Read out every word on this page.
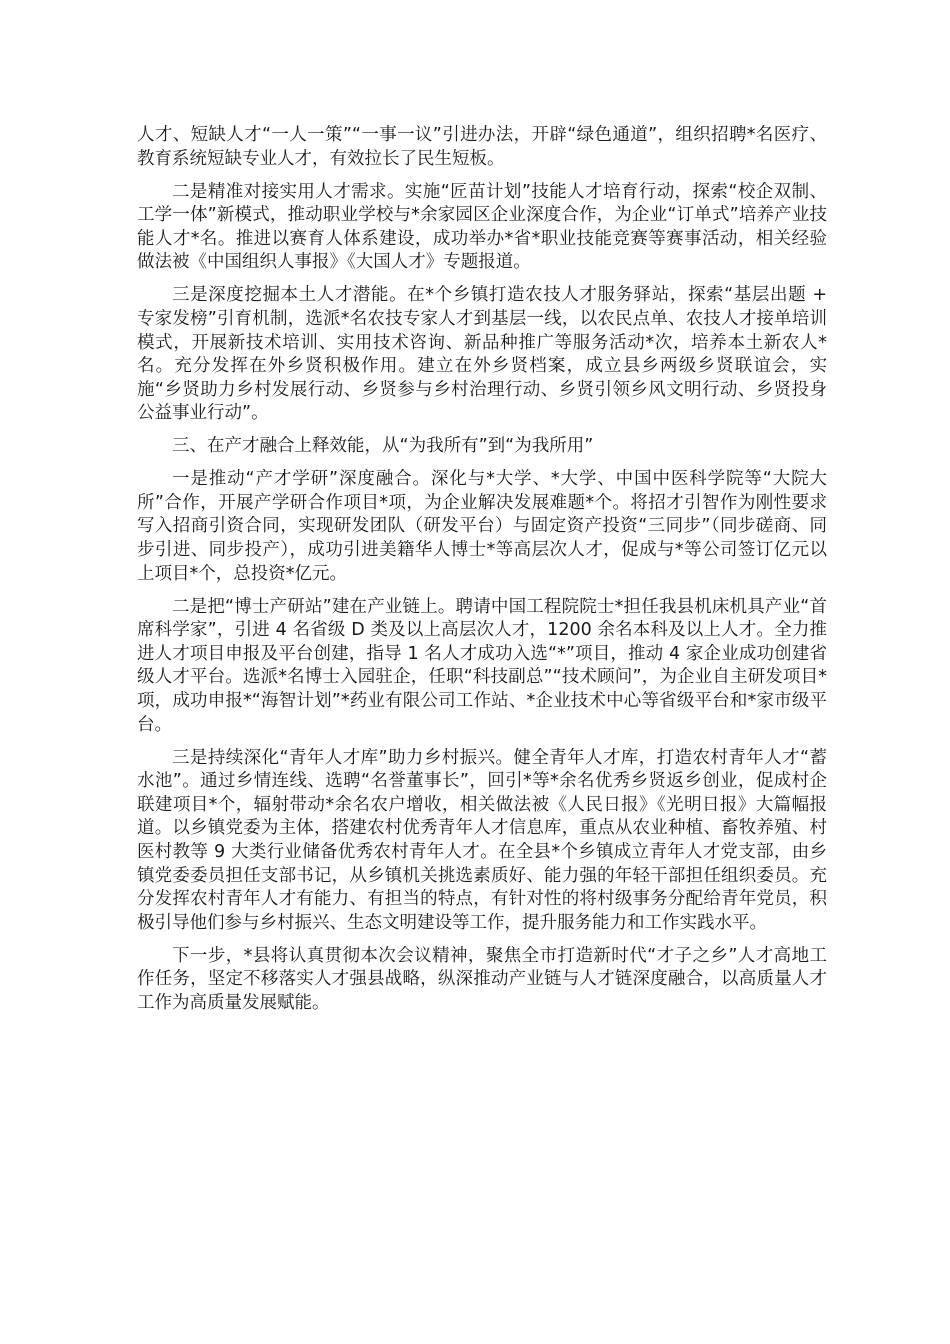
人才、短缺人才“一人一策”“一事一议”引进办法，开辟“绿色通道”，组织招聘*名医疗、教育系统短缺专业人才，有效拉长了民生短板。

二是精准对接实用人才需求。实施“匠苗计划”技能人才培育行动，探索“校企双制、工学一体”新模式，推动职业学校与*余家园区企业深度合作，为企业“订单式”培养产业技能人才*名。推进以赛育人体系建设，成功举办*省*职业技能竞赛等赛事活动，相关经验做法被《中国组织人事报》《大国人才》专题报道。

三是深度挖掘本土人才潜能。在*个乡镇打造农技人才服务驿站，探索“基层出题 + 专家发榜”引育机制，选派*名农技专家人才到基层一线，以农民点单、农技人才接单培训模式，开展新技术培训、实用技术咨询、新品种推广等服务活动*次，培养本土新农人*名。充分发挥在外乡贤积极作用。建立在外乡贤档案，成立县乡两级乡贤联谊会，实施“乡贤助力乡村发展行动、乡贤参与乡村治理行动、乡贤引领乡风文明行动、乡贤投身公益事业行动”。

三、在产才融合上释效能，从“为我所有”到“为我所用”

一是推动“产才学研”深度融合。深化与*大学、*大学、中国中医科学院等“大院大所”合作，开展产学研合作项目*项，为企业解决发展难题*个。将招才引智作为刚性要求写入招商引资合同，实现研发团队（研发平台）与固定资产投资“三同步”（同步磋商、同步引进、同步投产），成功引进美籍华人博士*等高层次人才，促成与*等公司签订亿元以上项目*个，总投资*亿元。

二是把“博士产研站”建在产业链上。聘请中国工程院院士*担任我县机床机具产业“首席科学家”，引进 4 名省级 D 类及以上高层次人才，1200 余名本科及以上人才。全力推进人才项目申报及平台创建，指导 1 名人才成功入选“*”项目，推动 4 家企业成功创建省级人才平台。选派*名博士入园驻企，任职“科技副总”“技术顾问”，为企业自主研发项目*项，成功申报*“海智计划”*药业有限公司工作站、*企业技术中心等省级平台和*家市级平台。

三是持续深化“青年人才库”助力乡村振兴。健全青年人才库，打造农村青年人才“蓄水池”。通过乡情连线、选聘“名誉董事长”，回引*等*余名优秀乡贤返乡创业，促成村企联建项目*个，辐射带动*余名农户增收，相关做法被《人民日报》《光明日报》大篇幅报道。以乡镇党委为主体，搭建农村优秀青年人才信息库，重点从农业种植、畜牧养殖、村医村教等 9 大类行业储备优秀农村青年人才。在全县*个乡镇成立青年人才党支部，由乡镇党委委员担任支部书记，从乡镇机关挑选素质好、能力强的年轻干部担任组织委员。充分发挥农村青年人才有能力、有担当的特点，有针对性的将村级事务分配给青年党员，积极引导他们参与乡村振兴、生态文明建设等工作，提升服务能力和工作实践水平。

下一步，*县将认真贯彻本次会议精神，聚焦全市打造新时代“才子之乡”人才高地工作任务，坚定不移落实人才强县战略，纵深推动产业链与人才链深度融合，以高质量人才工作为高质量发展赋能。
